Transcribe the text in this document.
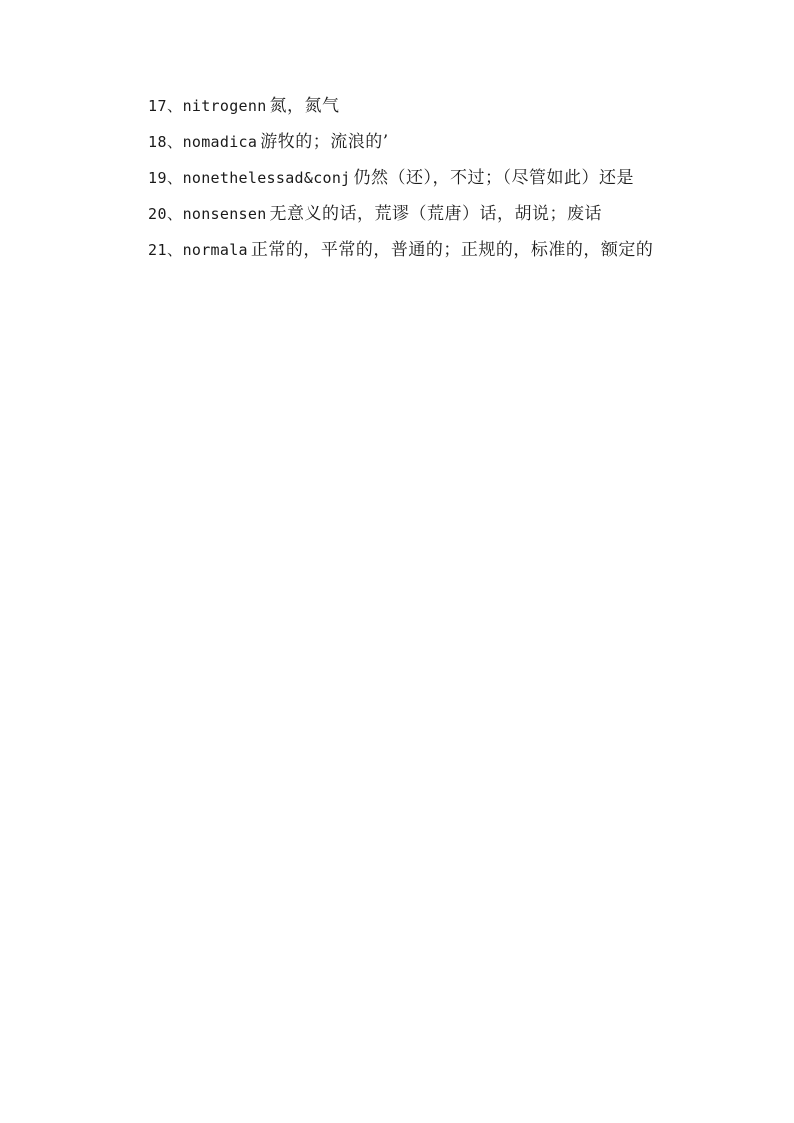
17、nitrogenn 氮，氮气

18、nomadica 游牧的；流浪的’

19、nonethelessad&conj 仍然（还），不过；（尽管如此）还是

20、nonsensen 无意义的话，荒谬（荒唐）话，胡说；废话

21、normala 正常的，平常的，普通的；正规的，标准的，额定的
